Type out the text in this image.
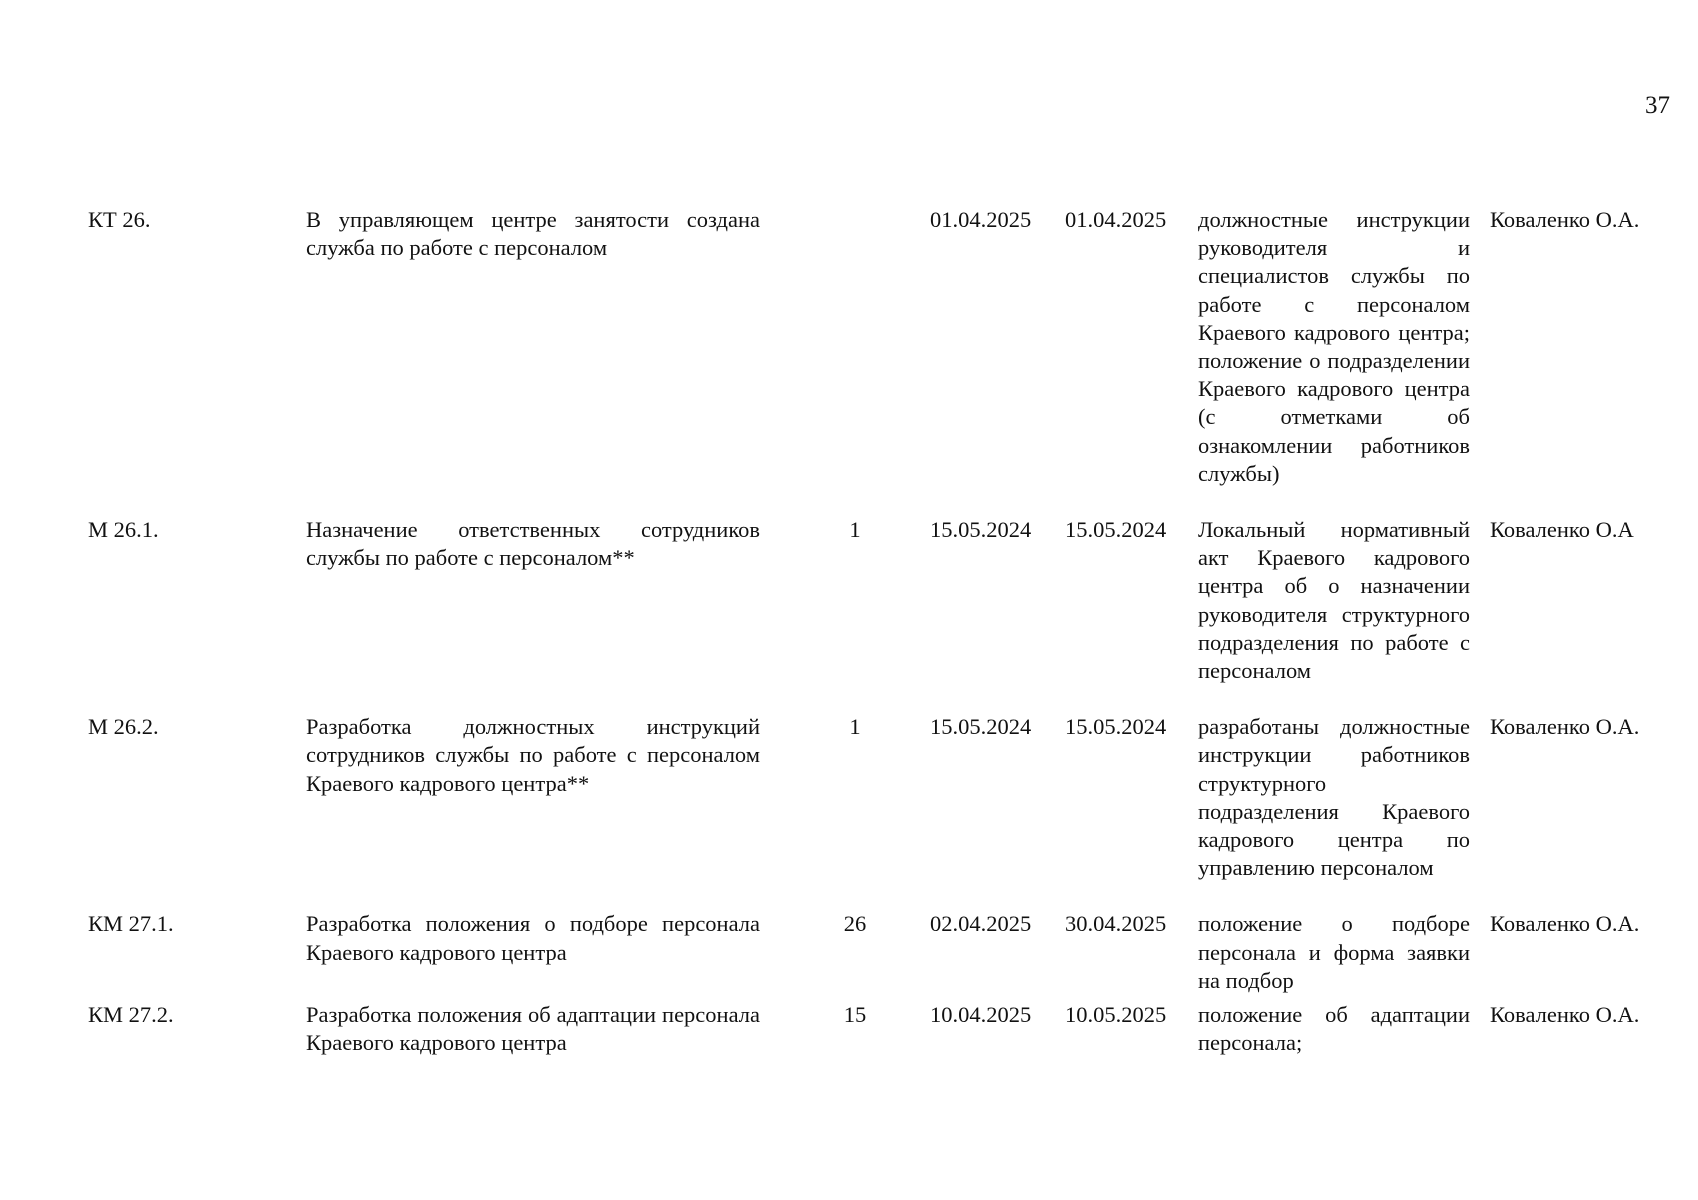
37
КТ 26.	В управляющем центре занятости создана служба по работе с персоналом		01.04.2025	01.04.2025	должностные инструкции руководителя и специалистов службы по работе с персоналом Краевого кадрового центра; положение о подразделении Краевого кадрового центра (с отметками об ознакомлении работников службы)	Коваленко О.А.
М 26.1.	Назначение ответственных сотрудников службы по работе с персоналом**	1	15.05.2024	15.05.2024	Локальный нормативный акт Краевого кадрового центра об о назначении руководителя структурного подразделения по работе с персоналом	Коваленко О.А
М 26.2.	Разработка должностных инструкций сотрудников службы по работе с персоналом Краевого кадрового центра**	1	15.05.2024	15.05.2024	разработаны должностные инструкции работников структурного подразделения Краевого кадрового центра по управлению персоналом	Коваленко О.А.
КМ 27.1.	Разработка положения о подборе персонала Краевого кадрового центра	26	02.04.2025	30.04.2025	положение о подборе персонала и форма заявки на подбор	Коваленко О.А.
КМ 27.2.	Разработка положения об адаптации персонала Краевого кадрового центра	15	10.04.2025	10.05.2025	положение об адаптации персонала;	Коваленко О.А.
